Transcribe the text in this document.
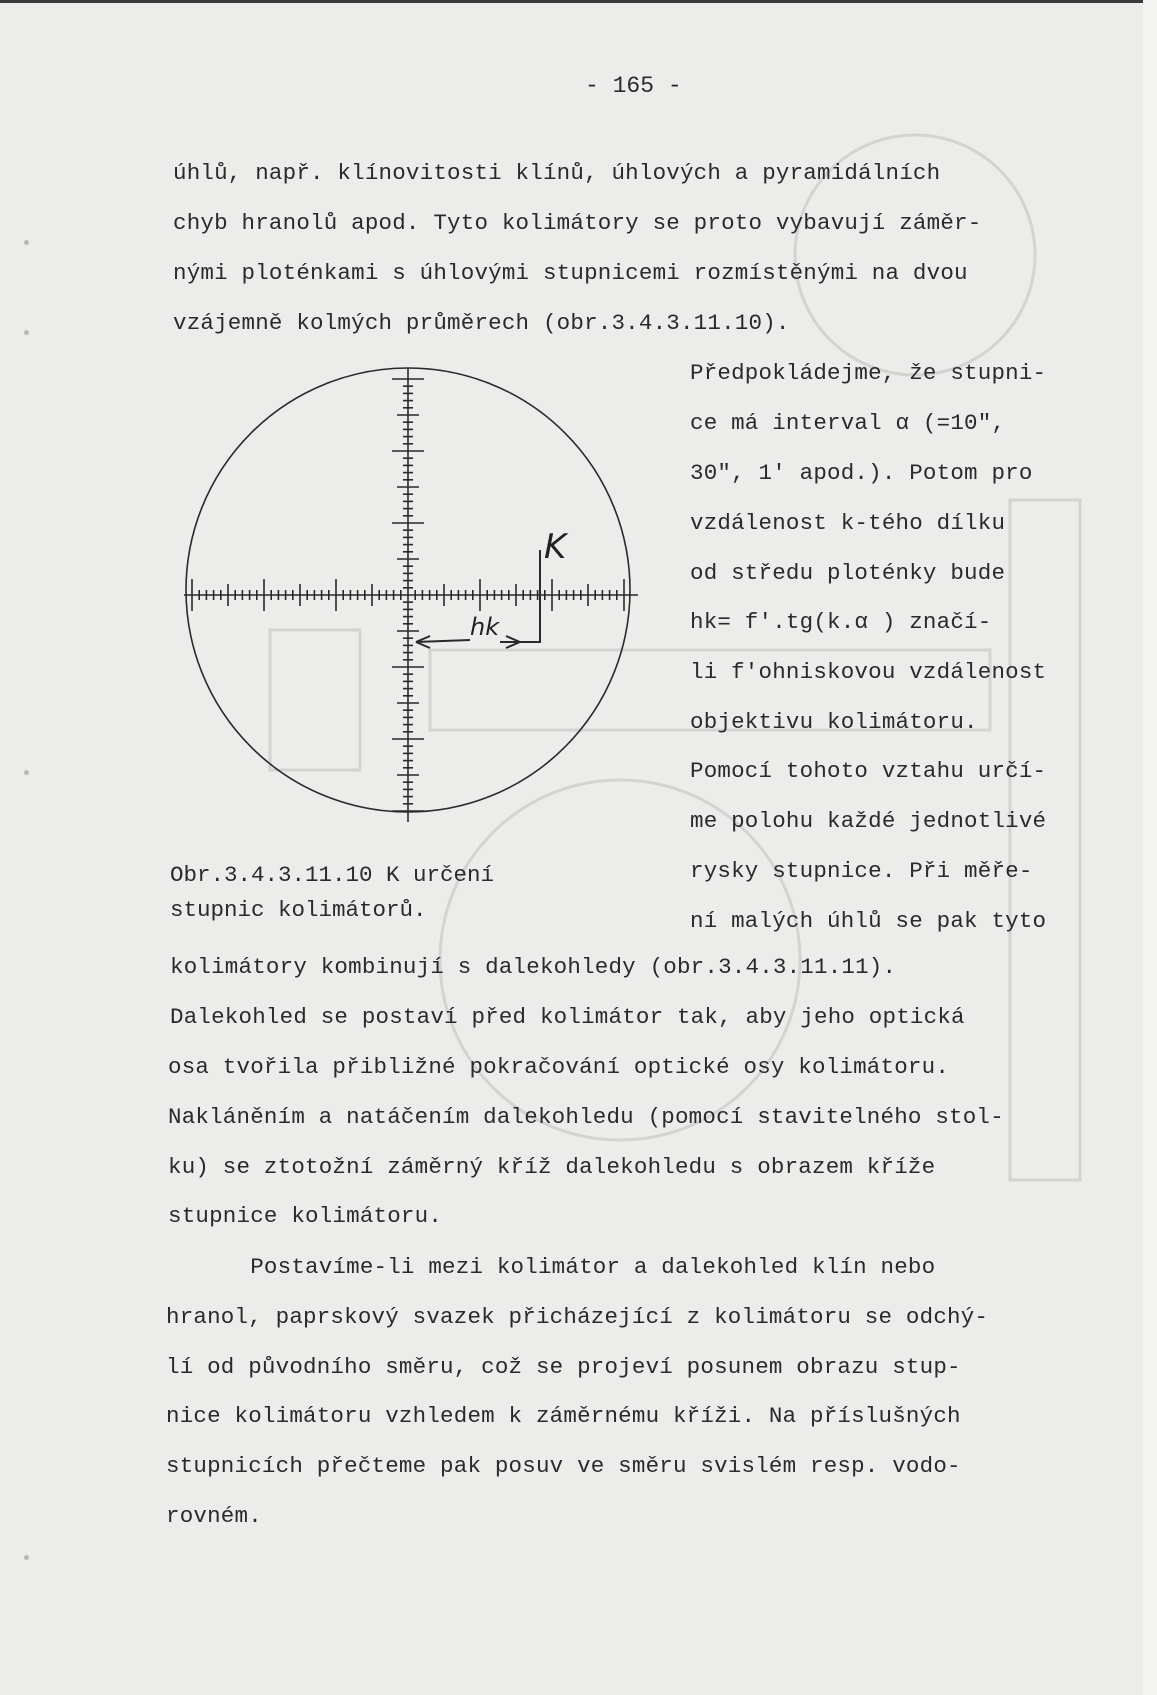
- 165 -
úhlů, např. klínovitosti klínů, úhlových a pyramidálních
chyb hranolů apod. Tyto kolimátory se proto vybavují záměr-
nými ploténkami s úhlovými stupnicemi rozmístěnými na dvou
vzájemně kolmých průměrech (obr.3.4.3.11.10).
K
hk
Předpokládejme, že stupni-
ce má interval α (=10",
30", 1' apod.). Potom pro
vzdálenost k-tého dílku
od středu ploténky bude
hk= f'.tg(k.α ) značí-
li f'ohniskovou vzdálenost
objektivu kolimátoru.
Pomocí tohoto vztahu určí-
me polohu každé jednotlivé
rysky stupnice. Při měře-
ní malých úhlů se pak tyto
Obr.3.4.3.11.10 K určení
stupnic kolimátorů.
kolimátory kombinují s dalekohledy (obr.3.4.3.11.11).
Dalekohled se postaví před kolimátor tak, aby jeho optická
osa tvořila přibližné pokračování optické osy kolimátoru.
Nakláněním a natáčením dalekohledu (pomocí stavitelného stol-
ku) se ztotožní záměrný kříž dalekohledu s obrazem kříže
stupnice kolimátoru.
Postavíme-li mezi kolimátor a dalekohled klín nebo
hranol, paprskový svazek přicházející z kolimátoru se odchý-
lí od původního směru, což se projeví posunem obrazu stup-
nice kolimátoru vzhledem k záměrnému kříži. Na příslušných
stupnicích přečteme pak posuv ve směru svislém resp. vodo-
rovném.
